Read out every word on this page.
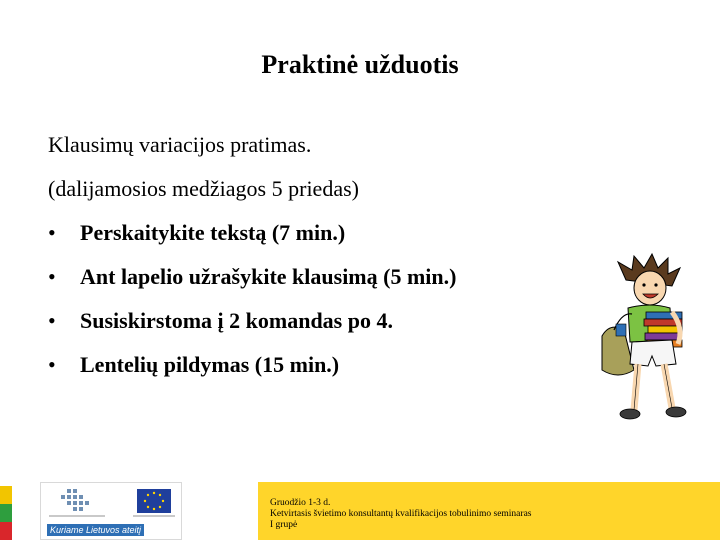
Praktinė užduotis
Klausimų variacijos pratimas.
(dalijamosios medžiagos 5 priedas)
• Perskaitykite tekstą (7 min.)
• Ant lapelio užrašykite klausimą (5 min.)
• Susiskirstoma į 2 komandas po 4.
• Lentelių pildymas (15 min.)
Kuriame Lietuvos ateitį
Gruodžio 1-3 d.
Ketvirtasis švietimo konsultantų kvalifikacijos tobulinimo seminaras
I grupė
